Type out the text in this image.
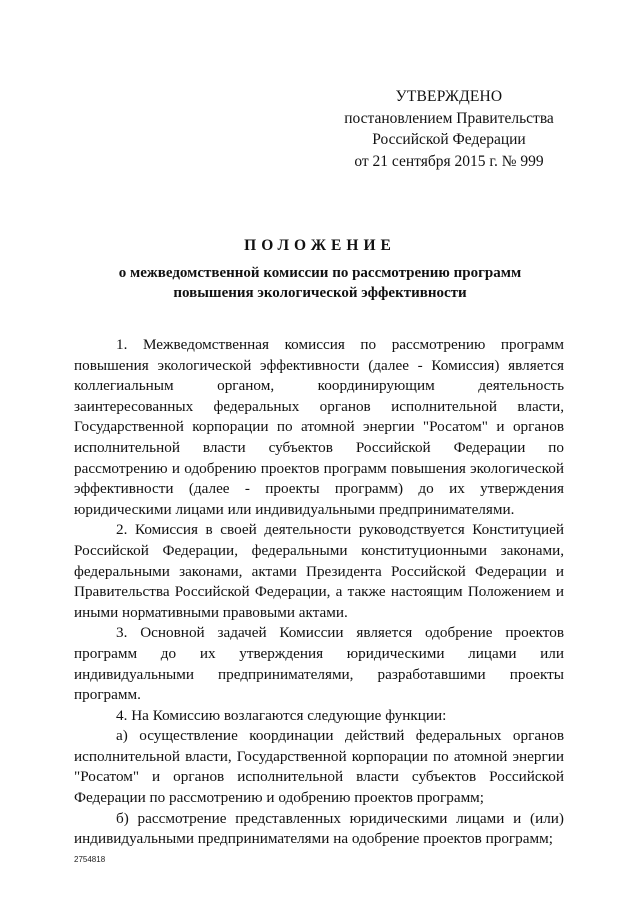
УТВЕРЖДЕНО
постановлением Правительства
Российской Федерации
от 21 сентября 2015 г. № 999
ПОЛОЖЕНИЕ
о межведомственной комиссии по рассмотрению программ
повышения экологической эффективности

1. Межведомственная комиссия по рассмотрению программ повышения экологической эффективности (далее - Комиссия) является коллегиальным органом, координирующим деятельность заинтересованных федеральных органов исполнительной власти, Государственной корпорации по атомной энергии "Росатом" и органов исполнительной власти субъектов Российской Федерации по рассмотрению и одобрению проектов программ повышения экологической эффективности (далее - проекты программ) до их утверждения юридическими лицами или индивидуальными предпринимателями.

2. Комиссия в своей деятельности руководствуется Конституцией Российской Федерации, федеральными конституционными законами, федеральными законами, актами Президента Российской Федерации и Правительства Российской Федерации, а также настоящим Положением и иными нормативными правовыми актами.

3. Основной задачей Комиссии является одобрение проектов программ до их утверждения юридическими лицами или индивидуальными предпринимателями, разработавшими проекты программ.

4. На Комиссию возлагаются следующие функции:

а) осуществление координации действий федеральных органов исполнительной власти, Государственной корпорации по атомной энергии "Росатом" и органов исполнительной власти субъектов Российской Федерации по рассмотрению и одобрению проектов программ;

б) рассмотрение представленных юридическими лицами и (или) индивидуальными предпринимателями на одобрение проектов программ;

2754818
